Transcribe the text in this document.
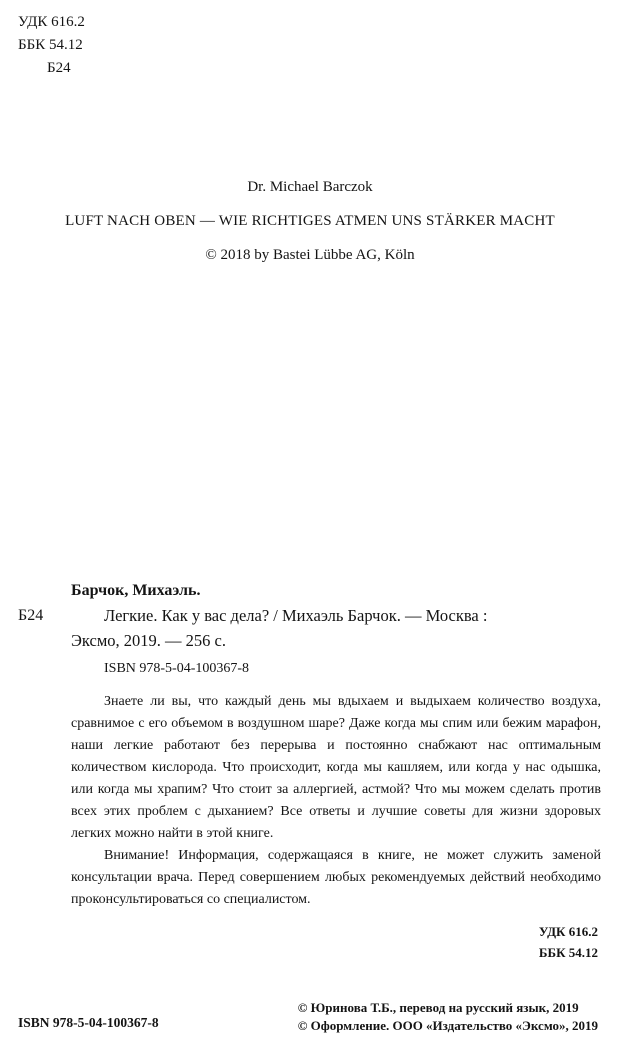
УДК 616.2
ББК 54.12
Б24
Dr. Michael Barczok
LUFT NACH OBEN — WIE RICHTIGES ATMEN UNS STÄRKER MACHT
© 2018 by Bastei Lübbe AG, Köln
Барчок, Михаэль.
Б24	Легкие. Как у вас дела? / Михаэль Барчок. — Москва :
Эксмо, 2019. — 256 с.
ISBN 978-5-04-100367-8

Знаете ли вы, что каждый день мы вдыхаем и выдыхаем количество воздуха, сравнимое с его объемом в воздушном шаре? Даже когда мы спим или бежим марафон, наши легкие работают без перерыва и постоянно снабжают нас оптимальным количеством кислорода. Что происходит, когда мы кашляем, или когда у нас одышка, или когда мы храпим? Что стоит за аллергией, астмой? Что мы можем сделать против всех этих проблем с дыханием? Все ответы и лучшие советы для жизни здоровых легких можно найти в этой книге.

Внимание! Информация, содержащаяся в книге, не может служить заменой консультации врача. Перед совершением любых рекомендуемых действий необходимо проконсультироваться со специалистом.

УДК 616.2
ББК 54.12
ISBN 978-5-04-100367-8
© Юринова Т.Б., перевод на русский язык, 2019
© Оформление. ООО «Издательство «Эксмо», 2019
